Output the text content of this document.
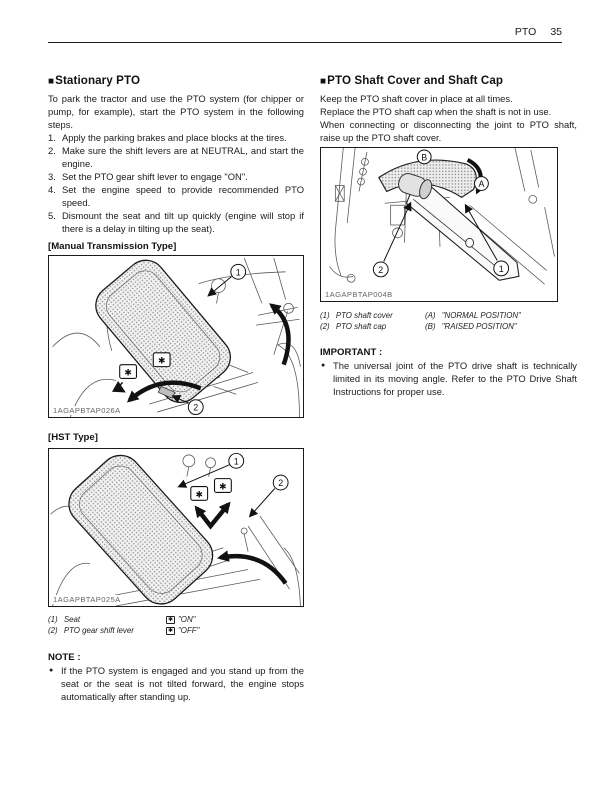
PTO 35
■Stationary PTO

To park the tractor and use the PTO system (for chipper or pump, for example), start the PTO system in the following steps.

1. Apply the parking brakes and place blocks at the tires.
2. Make sure the shift levers are at NEUTRAL, and start the engine.
3. Set the PTO gear shift lever to engage "ON".
4. Set the engine speed to provide recommended PTO speed.
5. Dismount the seat and tilt up quickly (engine will stop if there is a delay in tilting up the seat).
[Manual Transmission Type]
✱
✱
1
2
1AGAPBTAP026A
[HST Type]
✱
✱
1
2
1AGAPBTAP025A
(1) Seat	✱ "ON"
(2) PTO gear shift lever	✱ "OFF"
NOTE :
● If the PTO system is engaged and you stand up from the seat or the seat is not tilted forward, the engine stops automatically after standing up.
■PTO Shaft Cover and Shaft Cap

Keep the PTO shaft cover in place at all times.

Replace the PTO shaft cap when the shaft is not in use.

When connecting or disconnecting the joint to PTO shaft, raise up the PTO shaft cover.

B
A
2	1
1AGAPBTAP004B
(1) PTO shaft cover	(A) "NORMAL POSITION"
(2) PTO shaft cap	(B) "RAISED POSITION"
IMPORTANT :
● The universal joint of the PTO drive shaft is technically limited in its moving angle. Refer to the PTO Drive Shaft Instructions for proper use.
